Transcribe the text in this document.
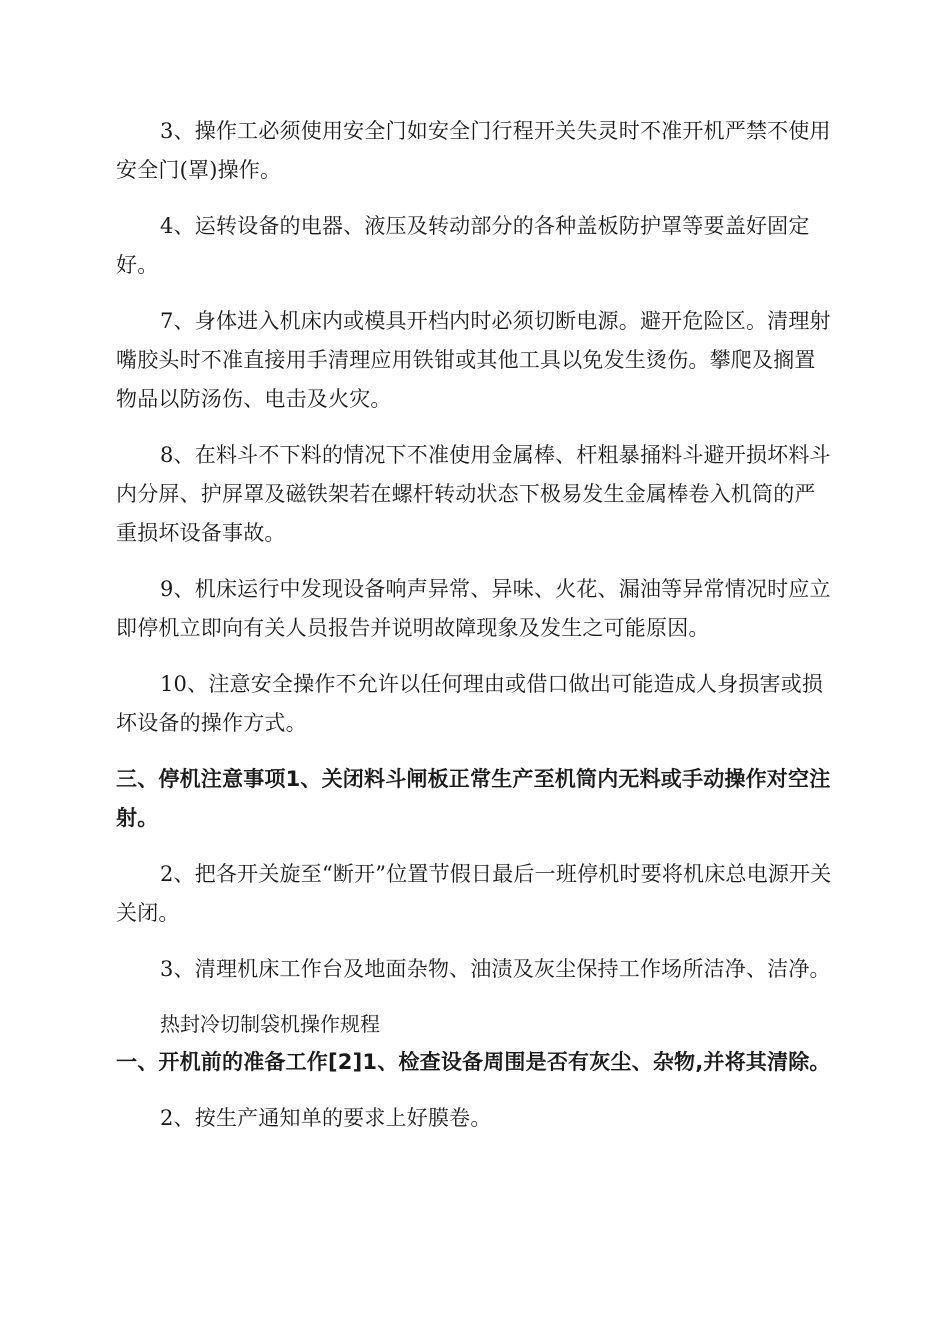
3、操作工必须使用安全门如安全门行程开关失灵时不准开机严禁不使用安全门(罩)操作。

4、运转设备的电器、液压及转动部分的各种盖板防护罩等要盖好固定好。

7、身体进入机床内或模具开档内时必须切断电源。避开危险区。清理射嘴胶头时不准直接用手清理应用铁钳或其他工具以免发生烫伤。攀爬及搁置物品以防汤伤、电击及火灾。

8、在料斗不下料的情况下不准使用金属棒、杆粗暴捅料斗避开损坏料斗内分屏、护屏罩及磁铁架若在螺杆转动状态下极易发生金属棒卷入机筒的严重损坏设备事故。

9、机床运行中发现设备响声异常、异味、火花、漏油等异常情况时应立即停机立即向有关人员报告并说明故障现象及发生之可能原因。

10、注意安全操作不允许以任何理由或借口做出可能造成人身损害或损坏设备的操作方式。

三、停机注意事项1、关闭料斗闸板正常生产至机筒内无料或手动操作对空注射。

2、把各开关旋至“断开”位置节假日最后一班停机时要将机床总电源开关关闭。

3、清理机床工作台及地面杂物、油渍及灰尘保持工作场所洁净、洁净。

热封冷切制袋机操作规程

一、开机前的准备工作[2]1、检查设备周围是否有灰尘、杂物,并将其清除。

2、按生产通知单的要求上好膜卷。
